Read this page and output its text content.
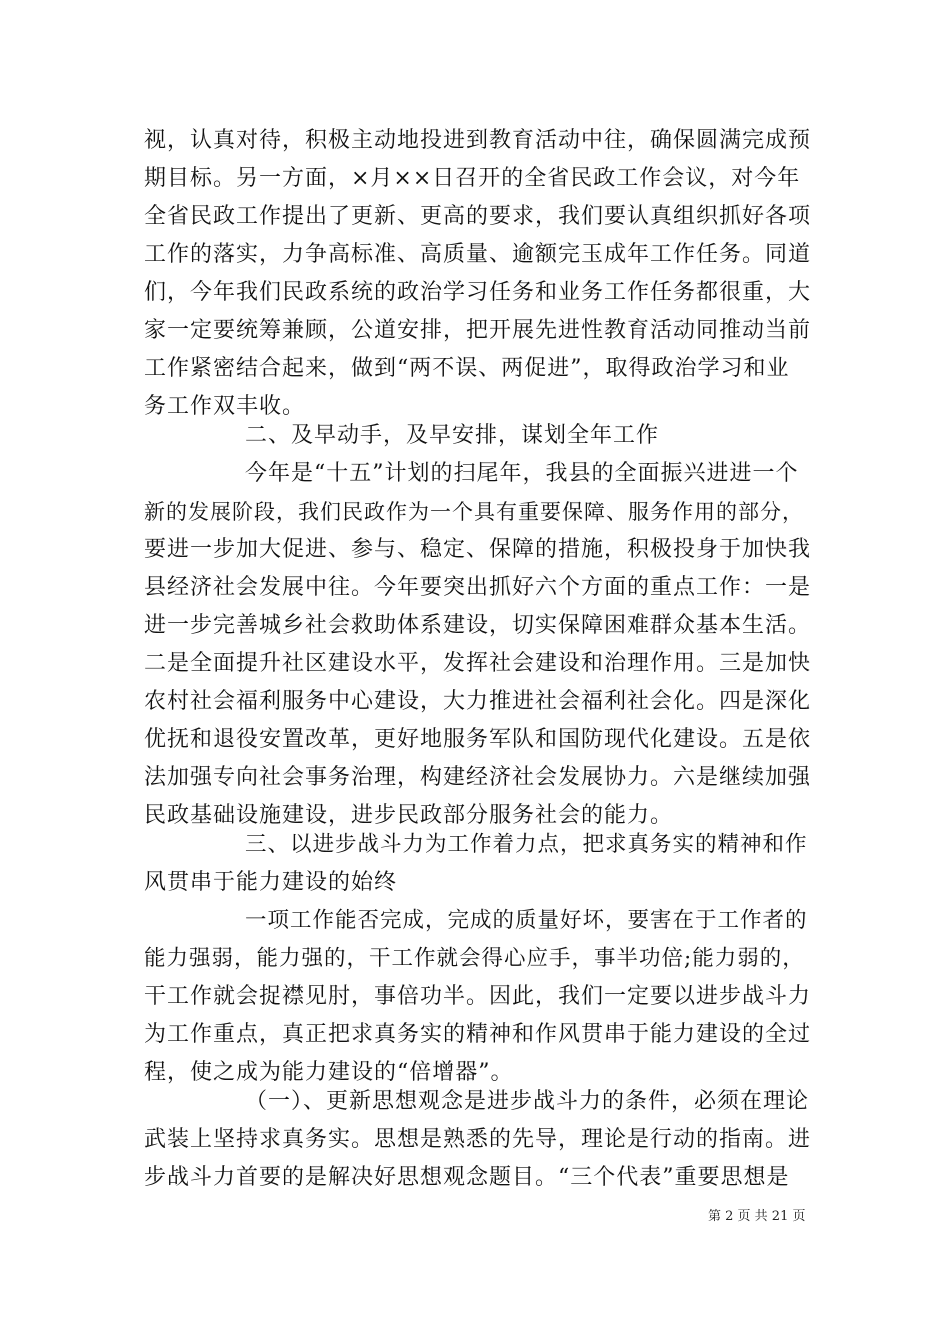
视，认真对待，积极主动地投进到教育活动中往，确保圆满完成预
期目标。另一方面，×月××日召开的全省民政工作会议，对今年
全省民政工作提出了更新、更高的要求，我们要认真组织抓好各项
工作的落实，力争高标准、高质量、逾额完玉成年工作任务。同道
们，今年我们民政系统的政治学习任务和业务工作任务都很重，大
家一定要统筹兼顾，公道安排，把开展先进性教育活动同推动当前
工作紧密结合起来，做到“两不误、两促进”，取得政治学习和业
务工作双丰收。
二、及早动手，及早安排，谋划全年工作
今年是“十五”计划的扫尾年，我县的全面振兴进进一个
新的发展阶段，我们民政作为一个具有重要保障、服务作用的部分，
要进一步加大促进、参与、稳定、保障的措施，积极投身于加快我
县经济社会发展中往。今年要突出抓好六个方面的重点工作：一是
进一步完善城乡社会救助体系建设，切实保障困难群众基本生活。
二是全面提升社区建设水平，发挥社会建设和治理作用。三是加快
农村社会福利服务中心建设，大力推进社会福利社会化。四是深化
优抚和退役安置改革，更好地服务军队和国防现代化建设。五是依
法加强专向社会事务治理，构建经济社会发展协力。六是继续加强
民政基础设施建设，进步民政部分服务社会的能力。
三、以进步战斗力为工作着力点，把求真务实的精神和作
风贯串于能力建设的始终
一项工作能否完成，完成的质量好坏，要害在于工作者的
能力强弱，能力强的，干工作就会得心应手，事半功倍;能力弱的，
干工作就会捉襟见肘，事倍功半。因此，我们一定要以进步战斗力
为工作重点，真正把求真务实的精神和作风贯串于能力建设的全过
程，使之成为能力建设的“倍增器”。
（一）、更新思想观念是进步战斗力的条件，必须在理论
武装上坚持求真务实。思想是熟悉的先导，理论是行动的指南。进
步战斗力首要的是解决好思想观念题目。“三个代表”重要思想是
第 2 页 共 21 页
